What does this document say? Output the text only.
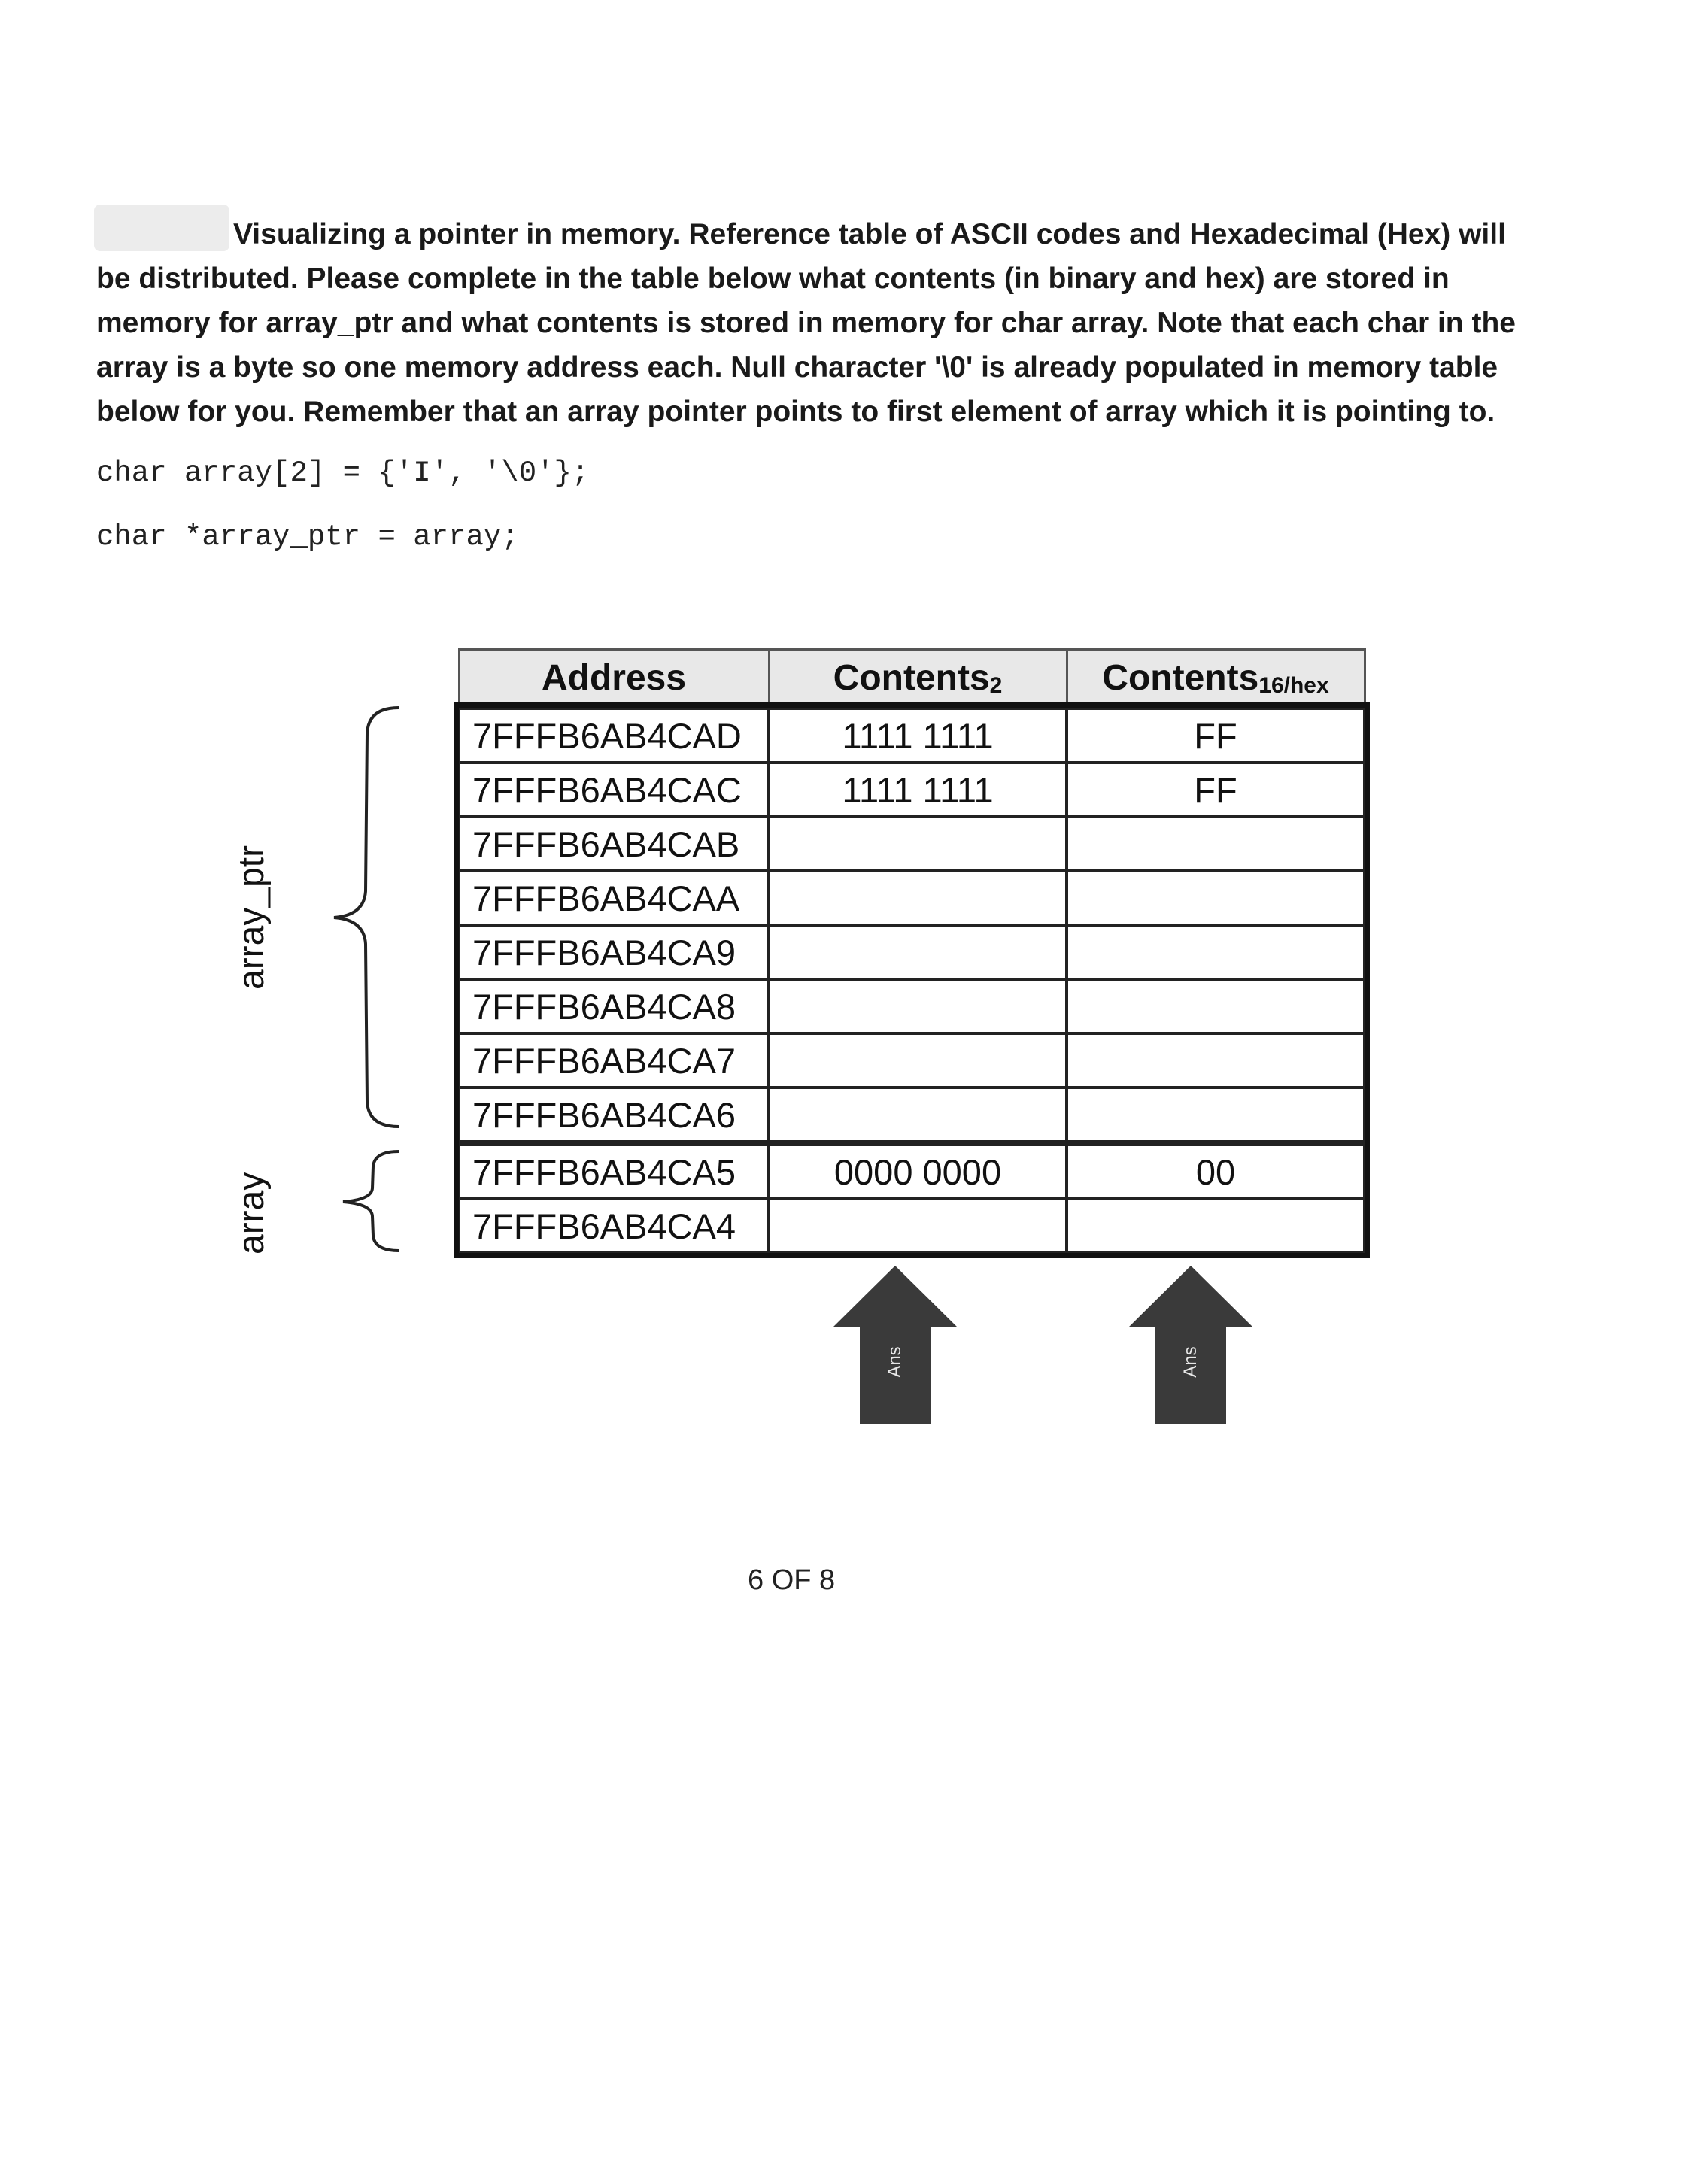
Visualizing a pointer in memory. Reference table of ASCII codes and Hexadecimal (Hex) will be distributed. Please complete in the table below what contents (in binary and hex) are stored in memory for array_ptr and what contents is stored in memory for char array. Note that each char in the array is a byte so one memory address each. Null character '\0' is already populated in memory table below for you. Remember that an array pointer points to first element of array which it is pointing to.

char array[2] = {'I', '\0'};
char *array_ptr = array;
array_ptr
array
Address	Contents$_2$	Contents$_{16/hex}$
7FFFB6AB4CAD	1111 1111	FF
7FFFB6AB4CAC	1111 1111	FF
7FFFB6AB4CAB		
7FFFB6AB4CAA		
7FFFB6AB4CA9		
7FFFB6AB4CA8		
7FFFB6AB4CA7		
7FFFB6AB4CA6		
7FFFB6AB4CA5	0000 0000	00
7FFFB6AB4CA4		
Ans	Ans
6 OF 8
